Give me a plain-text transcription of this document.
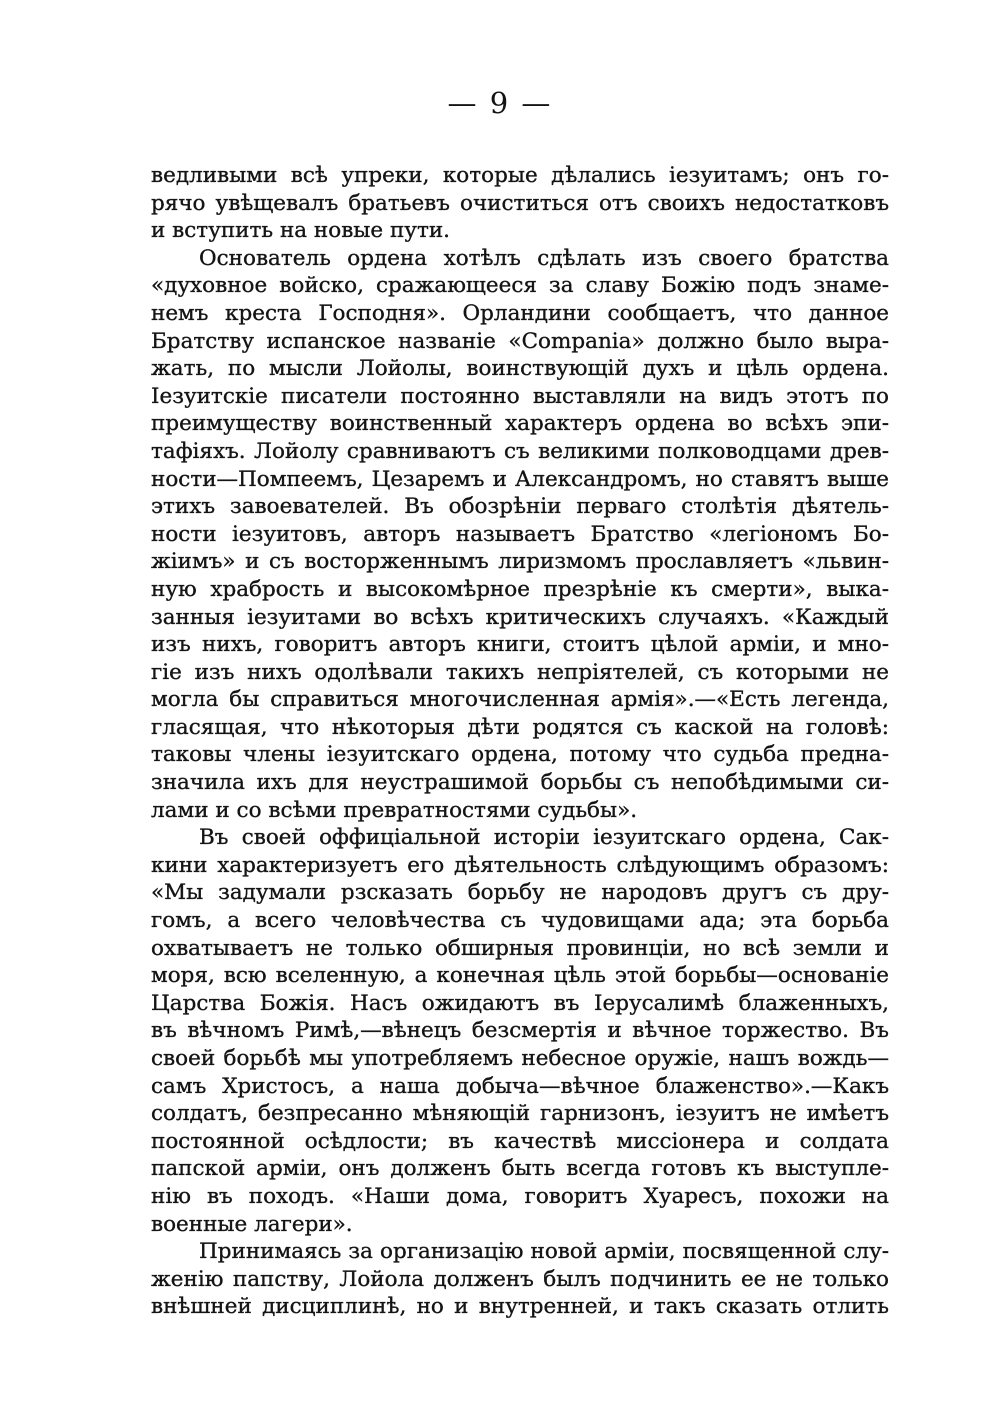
— 9 —
ведливыми всѣ упреки, которые дѣлались іезуитамъ; онъ го-
рячо увѣщевалъ братьевъ очиститься отъ своихъ недостатковъ
и вступить на новые пути.
Основатель ордена хотѣлъ сдѣлать изъ своего братства
«духовное войско, сражающееся за славу Божію подъ знаме-
немъ креста Господня». Орландини сообщаетъ, что данное
Братству испанское названіе «Compania» должно было выра-
жать, по мысли Лойолы, воинствующій духъ и цѣль ордена.
Іезуитскіе писатели постоянно выставляли на видъ этотъ по
преимуществу воинственный характеръ ордена во всѣхъ эпи-
тафіяхъ. Лойолу сравниваютъ съ великими полководцами древ-
ности—Помпеемъ, Цезаремъ и Александромъ, но ставятъ выше
этихъ завоевателей. Въ обозрѣніи перваго столѣтія дѣятель-
ности іезуитовъ, авторъ называетъ Братство «легіономъ Бо-
жіимъ» и съ восторженнымъ лиризмомъ прославляетъ «львин-
ную храбрость и высокомѣрное презрѣніе къ смерти», выка-
занныя іезуитами во всѣхъ критическихъ случаяхъ. «Каждый
изъ нихъ, говоритъ авторъ книги, стоитъ цѣлой арміи, и мно-
гіе изъ нихъ одолѣвали такихъ непріятелей, съ которыми не
могла бы справиться многочисленная армія».—«Есть легенда,
гласящая, что нѣкоторыя дѣти родятся съ каской на головѣ:
таковы члены іезуитскаго ордена, потому что судьба предна-
значила ихъ для неустрашимой борьбы съ непобѣдимыми си-
лами и со всѣми превратностями судьбы».
Въ своей оффиціальной исторіи іезуитскаго ордена, Сак-
кини характеризуетъ его дѣятельность слѣдующимъ образомъ:
«Мы задумали рзсказать борьбу не народовъ другъ съ дру-
гомъ, а всего человѣчества съ чудовищами ада; эта борьба
охватываетъ не только обширныя провинціи, но всѣ земли и
моря, всю вселенную, а конечная цѣль этой борьбы—основаніе
Царства Божія. Насъ ожидаютъ въ Іерусалимѣ блаженныхъ,
въ вѣчномъ Римѣ,—вѣнецъ безсмертія и вѣчное торжество. Въ
своей борьбѣ мы употребляемъ небесное оружіе, нашъ вождь—
самъ Христосъ, а наша добыча—вѣчное блаженство».—Какъ
солдатъ, безпресанно мѣняющій гарнизонъ, іезуитъ не имѣетъ
постоянной осѣдлости; въ качествѣ миссіонера и солдата
папской арміи, онъ долженъ быть всегда готовъ къ выступле-
нію въ походъ. «Наши дома, говоритъ Хуаресъ, похожи на
военные лагери».
Принимаясь за организацію новой арміи, посвященной слу-
женію папству, Лойола долженъ былъ подчинить ее не только
внѣшней дисциплинѣ, но и внутренней, и такъ сказать отлить
